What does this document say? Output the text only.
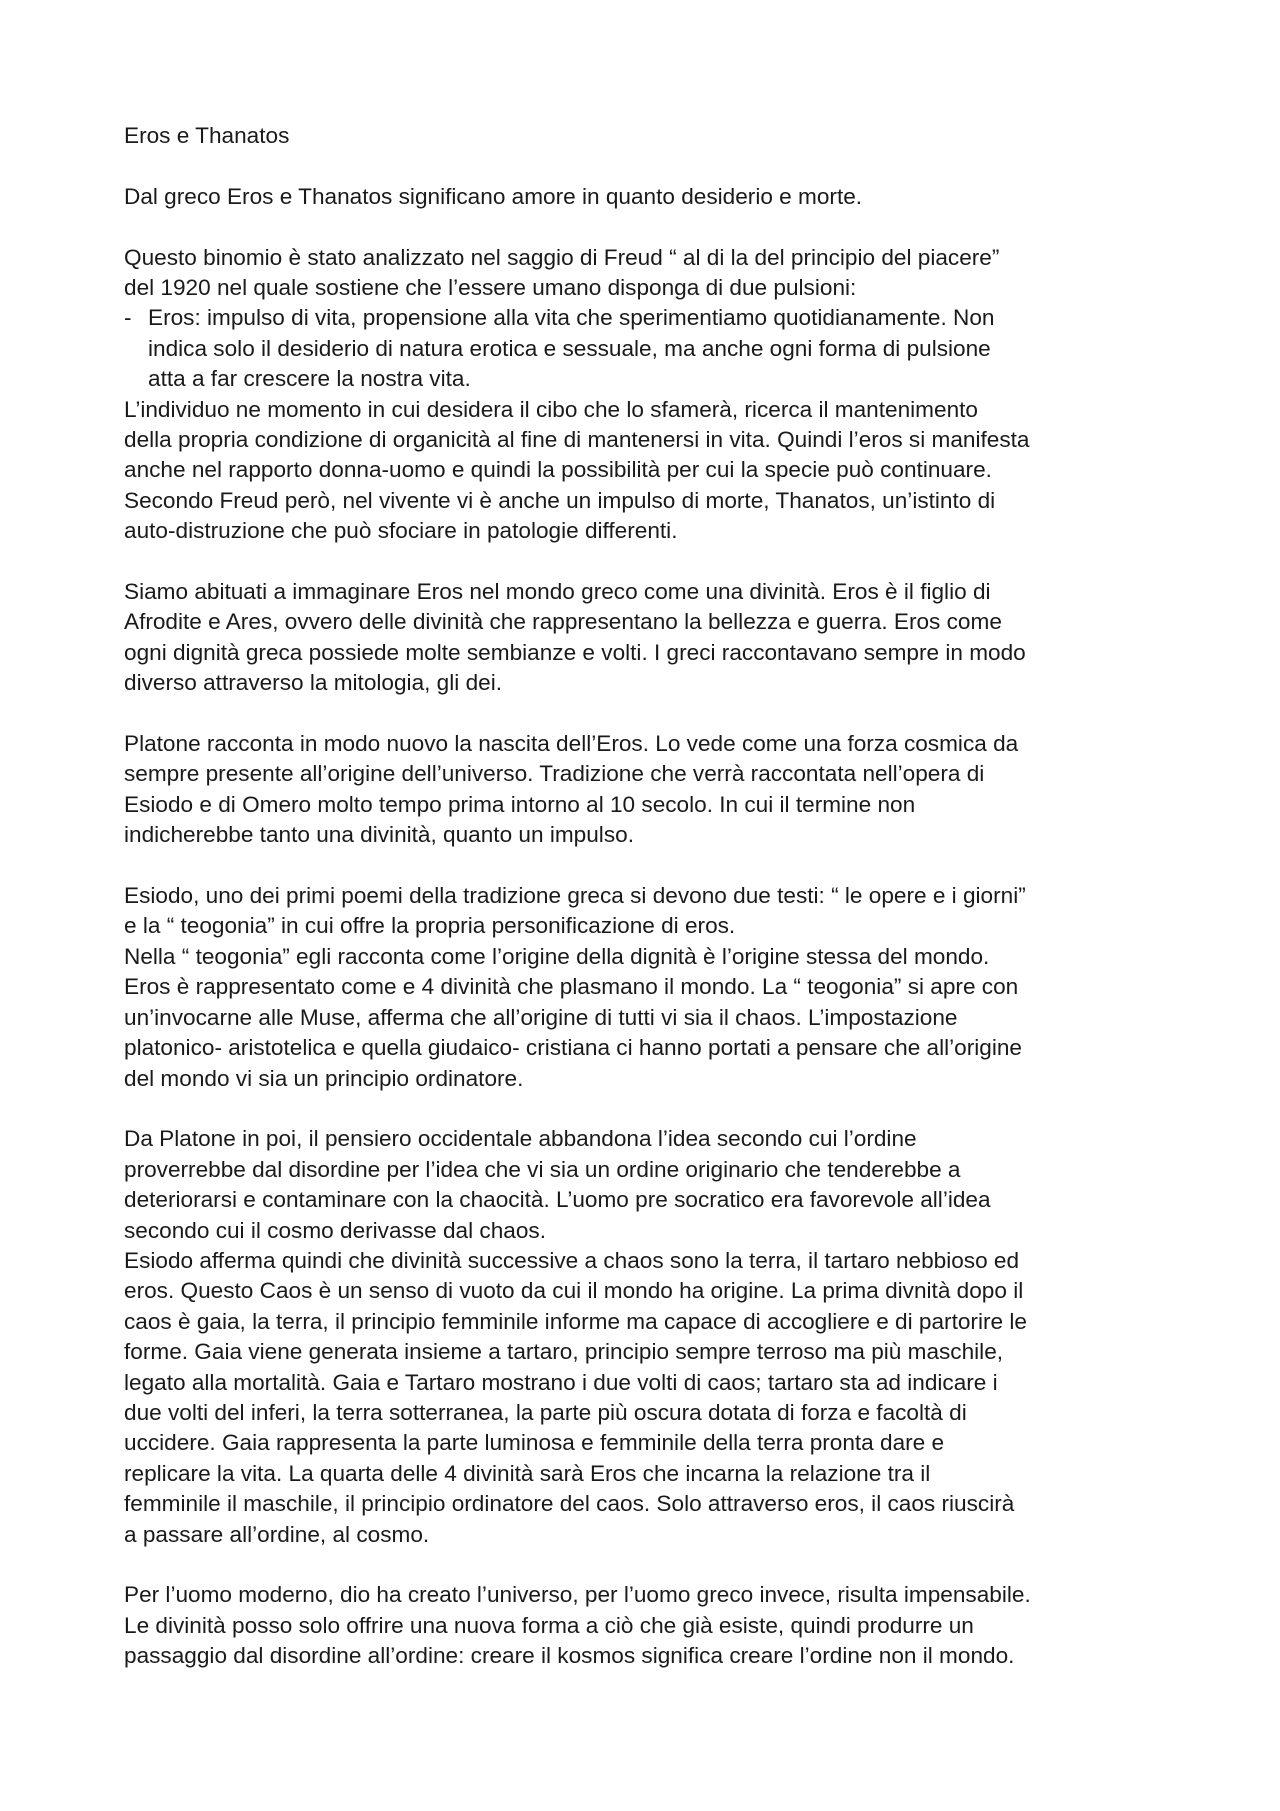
Eros e Thanatos
Dal greco Eros e Thanatos significano amore in quanto desiderio e morte.
Questo binomio è stato analizzato nel saggio di Freud “ al di la del principio del piacere”
del 1920 nel quale sostiene che l’essere umano disponga di due pulsioni:
- Eros: impulso di vita, propensione alla vita che sperimentiamo quotidianamente. Non
indica solo il desiderio di natura erotica e sessuale, ma anche ogni forma di pulsione
atta a far crescere la nostra vita.
L’individuo ne momento in cui desidera il cibo che lo sfamerà, ricerca il mantenimento
della propria condizione di organicità al fine di mantenersi in vita. Quindi l’eros si manifesta
anche nel rapporto donna-uomo e quindi la possibilità per cui la specie può continuare.
Secondo Freud però, nel vivente vi è anche un impulso di morte, Thanatos, un’istinto di
auto-distruzione che può sfociare in patologie differenti.
Siamo abituati a immaginare Eros nel mondo greco come una divinità. Eros è il figlio di
Afrodite e Ares, ovvero delle divinità che rappresentano la bellezza e guerra. Eros come
ogni dignità greca possiede molte sembianze e volti. I greci raccontavano sempre in modo
diverso attraverso la mitologia, gli dei.
Platone racconta in modo nuovo la nascita dell’Eros. Lo vede come una forza cosmica da
sempre presente all’origine dell’universo. Tradizione che verrà raccontata nell’opera di
Esiodo e di Omero molto tempo prima intorno al 10 secolo. In cui il termine non
indicherebbe tanto una divinità, quanto un impulso.
Esiodo, uno dei primi poemi della tradizione greca si devono due testi: “ le opere e i giorni”
e la “ teogonia” in cui offre la propria personificazione di eros.
Nella “ teogonia” egli racconta come l’origine della dignità è l’origine stessa del mondo.
Eros è rappresentato come e 4 divinità che plasmano il mondo. La “ teogonia” si apre con
un’invocarne alle Muse, afferma che all’origine di tutti vi sia il chaos. L’impostazione
platonico- aristotelica e quella giudaico- cristiana ci hanno portati a pensare che all’origine
del mondo vi sia un principio ordinatore.
Da Platone in poi, il pensiero occidentale abbandona l’idea secondo cui l’ordine
proverrebbe dal disordine per l’idea che vi sia un ordine originario che tenderebbe a
deteriorarsi e contaminare con la chaocità. L’uomo pre socratico era favorevole all’idea
secondo cui il cosmo derivasse dal chaos.
Esiodo afferma quindi che divinità successive a chaos sono la terra, il tartaro nebbioso ed
eros. Questo Caos è un senso di vuoto da cui il mondo ha origine. La prima divnità dopo il
caos è gaia, la terra, il principio femminile informe ma capace di accogliere e di partorire le
forme. Gaia viene generata insieme a tartaro, principio sempre terroso ma più maschile,
legato alla mortalità. Gaia e Tartaro mostrano i due volti di caos; tartaro sta ad indicare i
due volti del inferi, la terra sotterranea, la parte più oscura dotata di forza e facoltà di
uccidere. Gaia rappresenta la parte luminosa e femminile della terra pronta dare e
replicare la vita. La quarta delle 4 divinità sarà Eros che incarna la relazione tra il
femminile il maschile, il principio ordinatore del caos. Solo attraverso eros, il caos riuscirà
a passare all’ordine, al cosmo.
Per l’uomo moderno, dio ha creato l’universo, per l’uomo greco invece, risulta impensabile.
Le divinità posso solo offrire una nuova forma a ciò che già esiste, quindi produrre un
passaggio dal disordine all’ordine: creare il kosmos significa creare l’ordine non il mondo.
